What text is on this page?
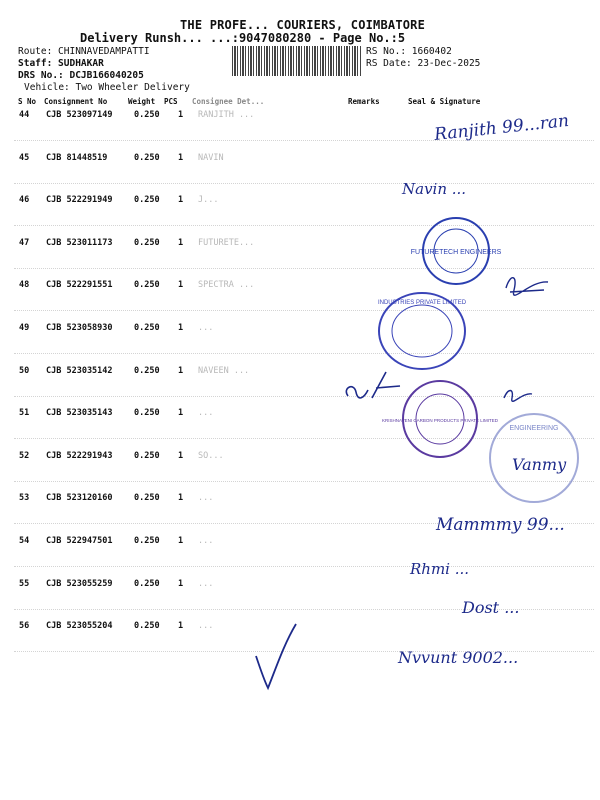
THE PROFE... COURIERS, COIMBATORE
Delivery Runsh... ...:9047080280 - Page No.:5
Route: CHINNAVEDAMPATTI
Staff: SUDHAKAR
DRS No.: DCJB166040205
Vehicle: Two Wheeler Delivery
RS No.: 1660402
RS Date: 23-Dec-2025
S No Consignment No	Weight PCS Consignee Det...	Remarks	Seal & Signature
44 CJB 523097149	0.250 1 RANJITH ...
45 CJB 81448519	0.250 1 NAVIN
46 CJB 522291949	0.250 1 J...
47 CJB 523011173	0.250 1 FUTURETE...
48 CJB 522291551	0.250 1 SPECTRA ...
49 CJB 523058930	0.250 1 ...
50 CJB 523035142	0.250 1 NAVEEN ...
51 CJB 523035143	0.250 1 ...
52 CJB 522291943	0.250 1 SO...
53 CJB 523120160	0.250 1 ...
54 CJB 522947501	0.250 1 ...
55 CJB 523055259	0.250 1 ...
56 CJB 523055204	0.250 1 ...
FUTURETECH ENGINEERS
INDUSTRIES PRIVATE LIMITED
KRISHNAVENI CARBON PRODUCTS PRIVATE LIMITED
ENGINEERING
Ranjith 99...ran
Navin ...
Vanmy
Mammmy 99...
Rhmi ...
Dost ...
Nvvunt 9002...
